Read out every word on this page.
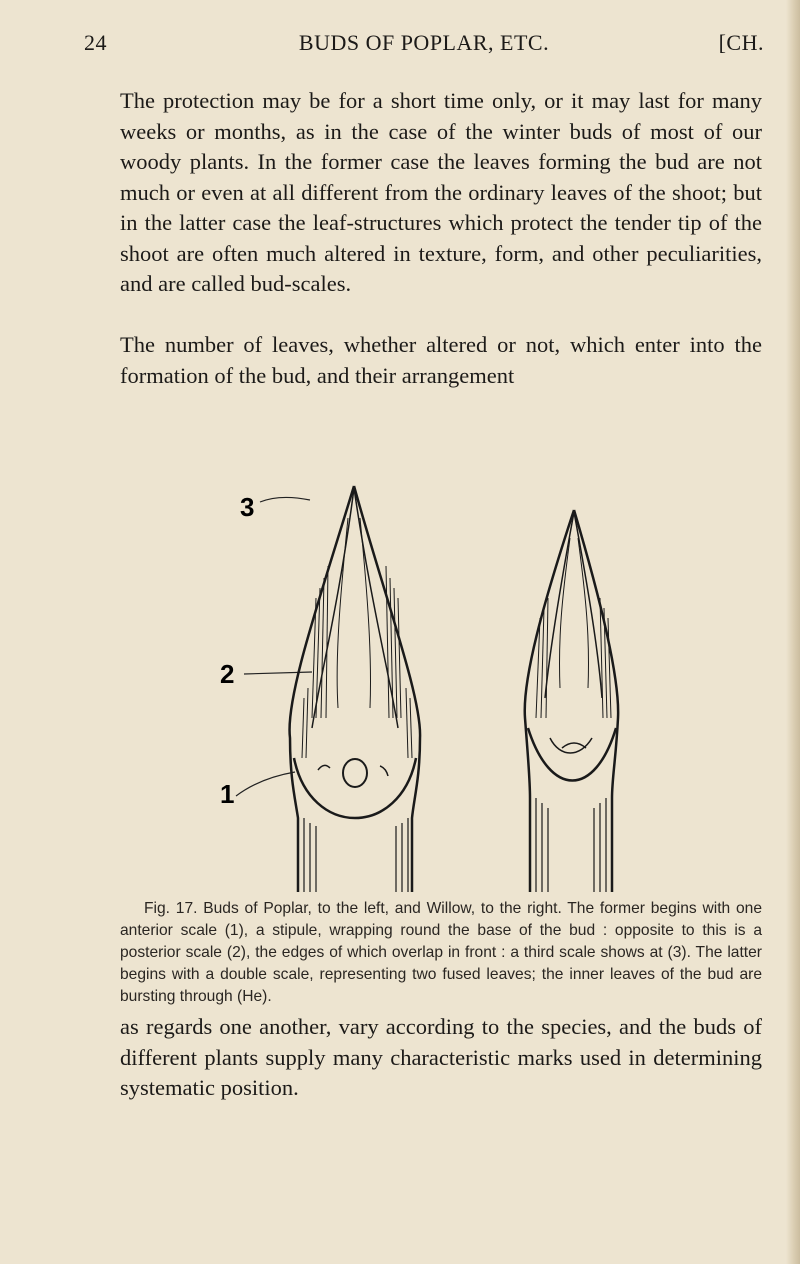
24	BUDS OF POPLAR, ETC.	[CH.

The protection may be for a short time only, or it may last for many weeks or months, as in the case of the winter buds of most of our woody plants. In the former case the leaves forming the bud are not much or even at all different from the ordinary leaves of the shoot; but in the latter case the leaf-structures which protect the tender tip of the shoot are often much altered in texture, form, and other peculiarities, and are called bud-scales.

The number of leaves, whether altered or not, which enter into the formation of the bud, and their arrangement

3
2
1

Fig. 17. Buds of Poplar, to the left, and Willow, to the right. The former begins with one anterior scale (1), a stipule, wrapping round the base of the bud : opposite to this is a posterior scale (2), the edges of which overlap in front : a third scale shows at (3). The latter begins with a double scale, representing two fused leaves; the inner leaves of the bud are bursting through (He).

as regards one another, vary according to the species, and the buds of different plants supply many characteristic marks used in determining systematic position.
